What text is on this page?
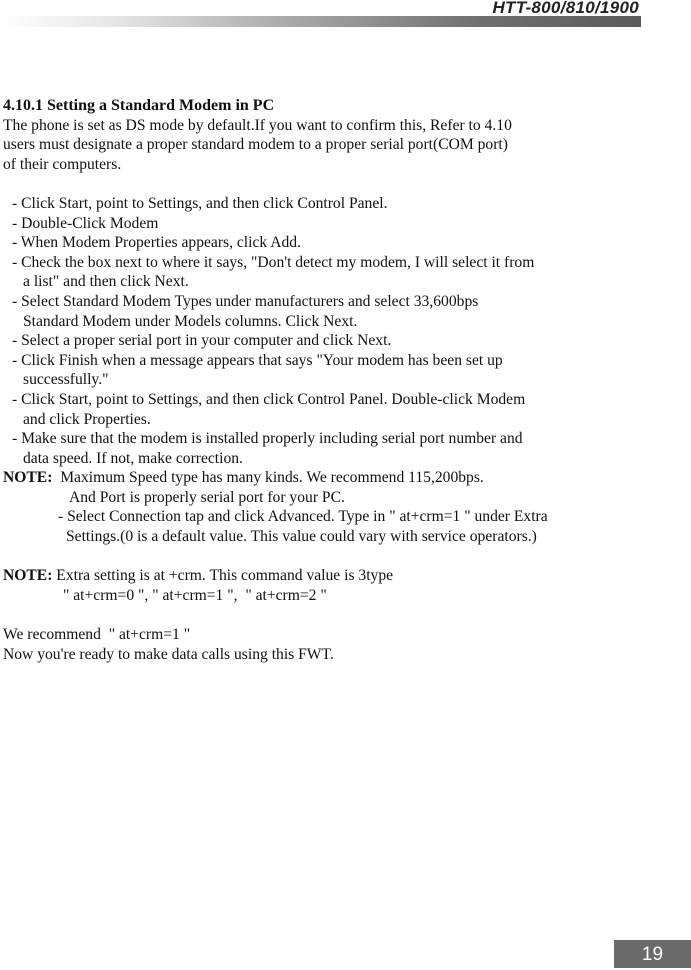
HTT-800/810/1900
4.10.1 Setting a Standard Modem in PC
The phone is set as DS mode by default.If you want to confirm this, Refer to 4.10
users must designate a proper standard modem to a proper serial port(COM port)
of their computers.
- Click Start, point to Settings, and then click Control Panel.
- Double-Click Modem
- When Modem Properties appears, click Add.
- Check the box next to where it says, "Don't detect my modem, I will select it from
a list" and then click Next.
- Select Standard Modem Types under manufacturers and select 33,600bps
Standard Modem under Models columns. Click Next.
- Select a proper serial port in your computer and click Next.
- Click Finish when a message appears that says "Your modem has been set up
successfully."
- Click Start, point to Settings, and then click Control Panel. Double-click Modem
and click Properties.
- Make sure that the modem is installed properly including serial port number and
data speed. If not, make correction.
NOTE:  Maximum Speed type has many kinds. We recommend 115,200bps.
And Port is properly serial port for your PC.
- Select Connection tap and click Advanced. Type in " at+crm=1 " under Extra
Settings.(0 is a default value. This value could vary with service operators.)
NOTE: Extra setting is at +crm. This command value is 3type
" at+crm=0 ", " at+crm=1 ",  " at+crm=2 "
We recommend  " at+crm=1 "
Now you're ready to make data calls using this FWT.
19
